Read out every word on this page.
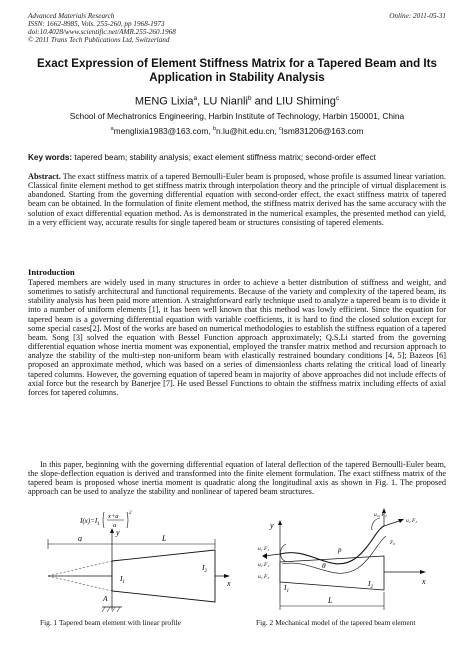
Advanced Materials Research
ISSN: 1662-8985, Vols. 255-260, pp 1968-1973
doi:10.4028/www.scientific.net/AMR.255-260.1968
© 2011 Trans Tech Publications Ltd, Switzerland
Online: 2011-05-31
Exact Expression of Element Stiffness Matrix for a Tapered Beam and Its
Application in Stability Analysis
MENG Lixia$^a$, LU Nianli$^b$ and LIU Shiming$^c$
School of Mechatronics Engineering, Harbin Institute of Technology, Harbin 150001, China
$^a$menglixia1983@163.com, $^b$n.lu@hit.edu.cn, $^c$lsm831206@163.com
Key words: tapered beam; stability analysis; exact element stiffness matrix; second-order effect
Abstract. The exact stiffness matrix of a tapered Bernoulli-Euler beam is proposed, whose profile is assumed linear variation. Classical finite element method to get stiffness matrix through interpolation theory and the principle of virtual displacement is abandoned. Starting from the governing differential equation with second-order effect, the exact stiffness matrix of tapered beam can be obtained. In the formulation of finite element method, the stiffness matrix derived has the same accuracy with the solution of exact differential equation method. As is demonstrated in the numerical examples, the presented method can yield, in a very efficient way, accurate results for single tapered beam or structures consisting of tapered elements.
Introduction
Tapered members are widely used in many structures in order to achieve a better distribution of stiffness and weight, and sometimes to satisfy architectural and functional requirements. Because of the variety and complexity of the tapered beam, its stability analysis has been paid more attention. A straightforward early technique used to analyze a tapered beam is to divide it into a number of uniform elements [1], it has been well known that this method was lowly efficient. Since the equation for tapered beam is a governing differential equation with variable coefficients, it is hard to find the closed solution except for some special cases[2]. Most of the works are based on numerical methodologies to establish the stiffness equation of a tapered beam. Song [3] solved the equation with Bessel Function approach approximately; Q.S.Li started from the governing differential equation whose inertia moment was exponential, employed the transfer matrix method and recursion approach to analyze the stability of the multi-step non-uniform beam with elastically restrained boundary conditions [4, 5]; Bazeos [6] proposed an approximate method, which was based on a series of dimensionless charts relating the critical load of linearly tapered columns. However, the governing equation of tapered beam in majority of above approaches did not include effects of axial force but the research by Banerjee [7]. He used Bessel Functions to obtain the stiffness matrix including effects of axial forces for tapered columns.
In this paper, beginning with the governing differential equation of lateral deflection of the tapered Bernoulli-Euler beam, the slope-deflection equation is derived and transformed into the finite element formulation. The exact stiffness matrix of the tapered beam is proposed whose inertia moment is quadratic along the longitudinal axis as shown in Fig. 1. The proposed approach can be used to analyze the stability and nonlinear of tapered beam structures.
$I(x)=I_1$
x+a
a
2
a	L
y
x
$I_1$
$I_2$
A
y
x
u₂, F₄
u₂ F₅
F₆
u₁ F₁
u₂ F₂
u₃ F₃
θ
p
$I_1$
$I_2$
L
Fig. 1 Tapered beam element with linear profile	Fig. 2 Mechanical model of the tapered beam element
